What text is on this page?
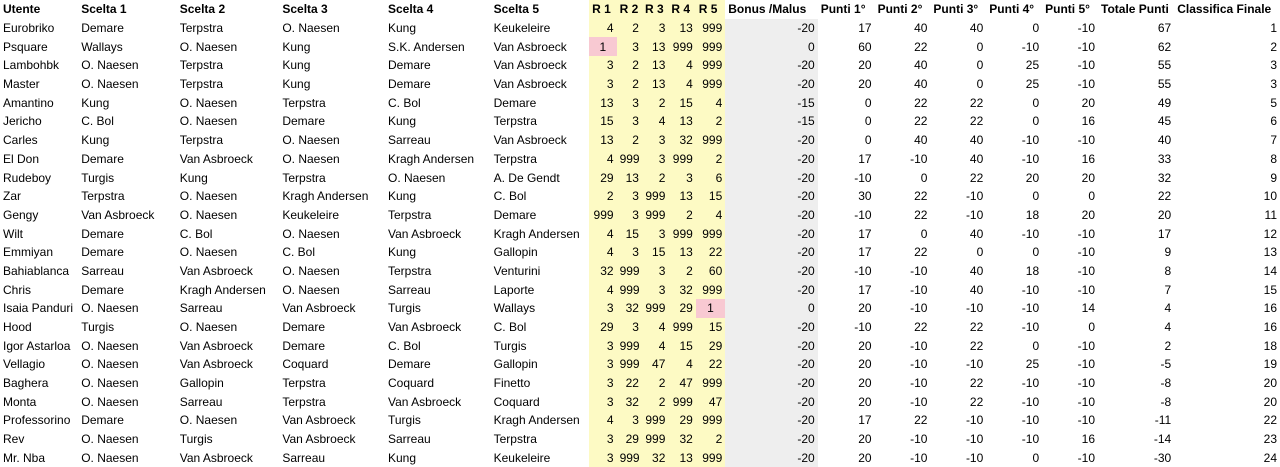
Utente	Scelta 1	Scelta 2	Scelta 3	Scelta 4	Scelta 5	R 1	R 2	R 3	R 4	R 5	Bonus /Malus	Punti 1°	Punti 2°	Punti 3°	Punti 4°	Punti 5°	Totale Punti	Classifica Finale
Eurobriko	Demare	Terpstra	O. Naesen	Kung	Keukeleire	4	2	3	13	999	-20	17	40	40	0	-10	67	1
Psquare	Wallays	O. Naesen	Kung	S.K. Andersen	Van Asbroeck	1	3	13	999	999	0	60	22	0	-10	-10	62	2
Lambohbk	O. Naesen	Terpstra	Kung	Demare	Van Asbroeck	3	2	13	4	999	-20	20	40	0	25	-10	55	3
Master	O. Naesen	Terpstra	Kung	Demare	Van Asbroeck	3	2	13	4	999	-20	20	40	0	25	-10	55	3
Amantino	Kung	O. Naesen	Terpstra	C. Bol	Demare	13	3	2	15	4	-15	0	22	22	0	20	49	5
Jericho	C. Bol	O. Naesen	Demare	Kung	Terpstra	15	3	4	13	2	-15	0	22	22	0	16	45	6
Carles	Kung	Terpstra	O. Naesen	Sarreau	Van Asbroeck	13	2	3	32	999	-20	0	40	40	-10	-10	40	7
El Don	Demare	Van Asbroeck	O. Naesen	Kragh Andersen	Terpstra	4	999	3	999	2	-20	17	-10	40	-10	16	33	8
Rudeboy	Turgis	Kung	Terpstra	O. Naesen	A. De Gendt	29	13	2	3	6	-20	-10	0	22	20	20	32	9
Zar	Terpstra	O. Naesen	Kragh Andersen	Kung	C. Bol	2	3	999	13	15	-20	30	22	-10	0	0	22	10
Gengy	Van Asbroeck	O. Naesen	Keukeleire	Terpstra	Demare	999	3	999	2	4	-20	-10	22	-10	18	20	20	11
Wilt	Demare	C. Bol	O. Naesen	Van Asbroeck	Kragh Andersen	4	15	3	999	999	-20	17	0	40	-10	-10	17	12
Emmiyan	Demare	O. Naesen	C. Bol	Kung	Gallopin	4	3	15	13	22	-20	17	22	0	0	-10	9	13
Bahiablanca	Sarreau	Van Asbroeck	O. Naesen	Terpstra	Venturini	32	999	3	2	60	-20	-10	-10	40	18	-10	8	14
Chris	Demare	Kragh Andersen	O. Naesen	Sarreau	Laporte	4	999	3	32	999	-20	17	-10	40	-10	-10	7	15
Isaia Panduri	O. Naesen	Sarreau	Van Asbroeck	Turgis	Wallays	3	32	999	29	1	0	20	-10	-10	-10	14	4	16
Hood	Turgis	O. Naesen	Demare	Van Asbroeck	C. Bol	29	3	4	999	15	-20	-10	22	22	-10	0	4	16
Igor Astarloa	O. Naesen	Van Asbroeck	Demare	C. Bol	Turgis	3	999	4	15	29	-20	20	-10	22	0	-10	2	18
Vellagio	O. Naesen	Van Asbroeck	Coquard	Demare	Gallopin	3	999	47	4	22	-20	20	-10	-10	25	-10	-5	19
Baghera	O. Naesen	Gallopin	Terpstra	Coquard	Finetto	3	22	2	47	999	-20	20	-10	22	-10	-10	-8	20
Monta	O. Naesen	Sarreau	Terpstra	Van Asbroeck	Coquard	3	32	2	999	47	-20	20	-10	22	-10	-10	-8	20
Professorino	Demare	O. Naesen	Van Asbroeck	Turgis	Kragh Andersen	4	3	999	29	999	-20	17	22	-10	-10	-10	-11	22
Rev	O. Naesen	Turgis	Van Asbroeck	Sarreau	Terpstra	3	29	999	32	2	-20	20	-10	-10	-10	16	-14	23
Mr. Nba	O. Naesen	Van Asbroeck	Sarreau	Kung	Keukeleire	3	999	32	13	999	-20	20	-10	-10	0	-10	-30	24
